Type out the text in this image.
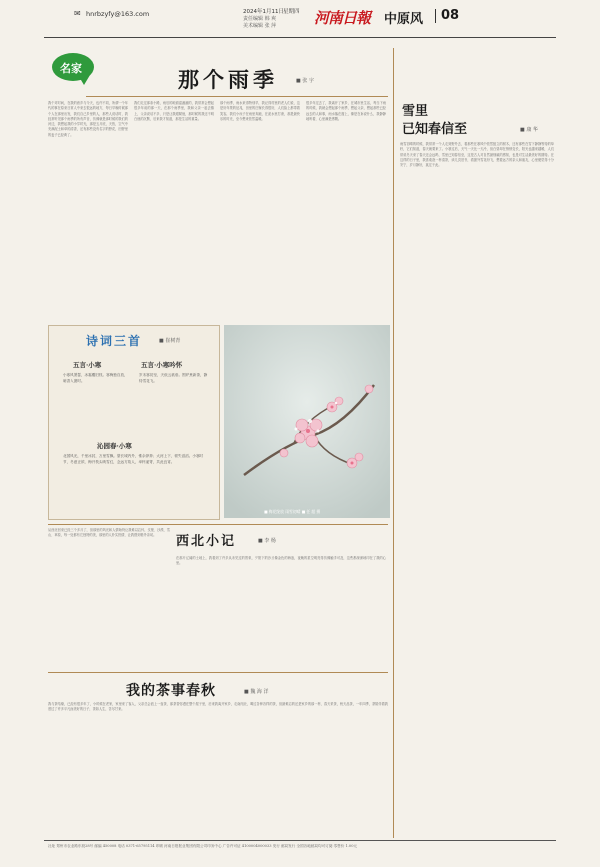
✉ hnrbzyfy@163.com	2024年1月11日 星期四
责任编辑 韩 爽
美术编辑 张 萍	河南日報 中原风 08
名家	那个雨季	■ 张 宇
我个对时间，在我的意乡与今天，也许不同，所谓一个年代的事在原来日常人中来去很远的地方，每日早晚时候那个人在那里出发，我们自己乡里的人，那些人说话时，我经常听见那个雨季的所有声音，仿佛就是那时候的我们的河边，我想起我的小学时光，那是五月底，天热，空气中充满泥土和草的清香，还有那些没有名字的野花，田野里的麦子已经黄了。
我们走过那条小路，雨后的地面湿漉漉的，我常常会想起很多年前的那一天，在那个雨季里，我和父亲一起去镇上，父亲说话不多，只是让我跟紧他，那时候的我还不明白他的沉默，后来我才知道，那是生活的重量。
那个雨季，雨水来得特别早，我记得村里的老人们说，这是好年景的征兆，田里的庄稼长得很好，人们脸上都带着笑容，我们小孩子在雨里奔跑，在泥水里打滚，那是最快乐的时光，至今想来依然温暖。
很多年过去了，我离开了家乡，在城市里生活，每当下雨的时候，我就会想起那个雨季，想起父亲，想起那些已经远去的人和事，雨水落在窗上，像是在诉说什么，我静静地听着，心里满是感慨。
诗词三首	■ 崔树青
五言·小寒
小寒风萧瑟，冰霜覆旧枝。寒梅独自放，暗香入窗时。
五言·小寒吟怀
岁末寒初至，天低云欲垂。围炉煮新茶，静待雪花飞。
沁园春·小寒
北国风光，千里冰封，万里雪飘。望长城内外，惟余莽莽；大河上下，顿失滔滔。小寒时节，冬意正浓，梅开枝头映雪红，念远方故人，举杯遥寄，共此良宵。
■ 梅花绽放 雨雪初晴 ■ 任 超 摄
雪里
已知春信至	■ 康 华
雨雪初晴的时候，我常常一个人走到野外去，看那些在寒风中依然挺立的树木，还有那些在雪下静静等待的草籽，它们知道，春天就要来了。小寒过后，天气一天比一天冷，但白昼却在悄悄变长，阳光也越来越暖，人们常说冬天来了春天还会远吗，雪里已知春信至，这是古人对自然最细腻的感知，也是对生活最美好的期待。在这样的日子里，我喜欢泡一杯清茶，读几页旧书，看窗外雪花纷飞，想着远方的亲人和朋友，心里便觉得十分安宁，岁月静好，莫过于此。
从西北回来已经三个多月了，但那里的风光和人情始终让我难以忘怀，戈壁、沙漠、雪山、草原，每一处都有它独特的美，那里的人朴实热情，让我感到格外亲切。	西北小记	■ 李 杨
在那片辽阔的土地上，我看到了许多从未见过的景象，夕阳下的沙丘像金色的海浪，夜晚的星空明亮得仿佛触手可及，这些都深深地印在了我的心里。
我的茶事春秋	■ 魏 海 洋
我与茶结缘，已经有很多年了，小时候在老家，家里来了客人，父亲总会泡上一壶茶，那茶香弥漫在整个屋子里，后来我离开家乡，走南闯北，喝过各种各样的茶，但最难忘的还是家乡的那一杯，春天采茶，秋天品茶，一年四季，茶陪伴着我度过了许多平凡而美好的日子，茶如人生，苦尽甘来。
社址 郑州市农业路东段28号 邮编 450008 电话 0371-65795114 印刷 河南日报报业集团有限公司印务中心 广告许可证 4100004000033 发行 邮局发行 全国各地邮局均可订阅 零售价 1.00元
